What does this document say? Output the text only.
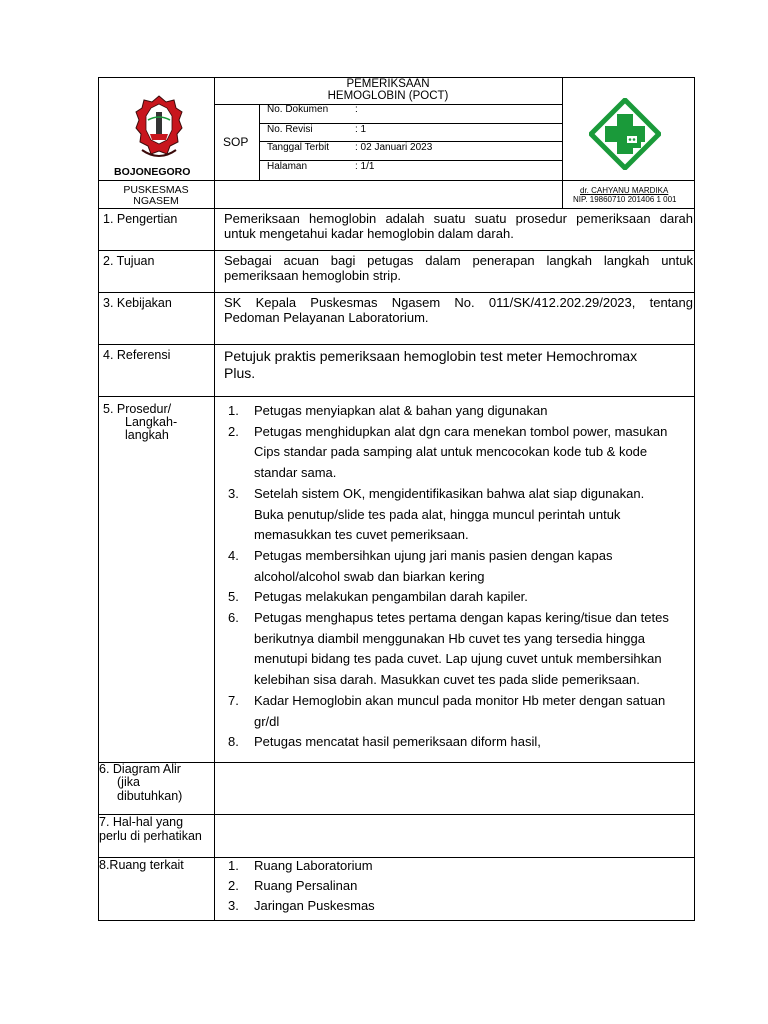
BOJONEGORO
PEMERIKSAAN
HEMOGLOBIN (POCT)
SOP
No. Dokumen	:
No. Revisi	: 1
Tanggal Terbit	: 02 Januari 2023
Halaman	: 1/1
PUSKESMAS
NGASEM
dr. CAHYANU MARDIKA
NIP. 19860710 201406 1 001
1. Pengertian	Pemeriksaan hemoglobin adalah suatu suatu prosedur pemeriksaan darah
untuk mengetahui kadar hemoglobin dalam darah.
2. Tujuan	Sebagai acuan bagi petugas dalam penerapan langkah langkah untuk
pemeriksaan hemoglobin strip.
3. Kebijakan	SK Kepala Puskesmas Ngasem No. 011/SK/412.202.29/2023, tentang
Pedoman Pelayanan Laboratorium.
4. Referensi	Petujuk praktis pemeriksaan hemoglobin test meter Hemochromax
Plus.
5. Prosedur/
Langkah-
langkah
1. Petugas menyiapkan alat & bahan yang digunakan
2. Petugas menghidupkan alat dgn cara menekan tombol power, masukan
Cips standar pada samping alat untuk mencocokan kode tub & kode
standar sama.
3. Setelah sistem OK, mengidentifikasikan bahwa alat siap digunakan.
Buka penutup/slide tes pada alat, hingga muncul perintah untuk
memasukkan tes cuvet pemeriksaan.
4. Petugas membersihkan ujung jari manis pasien dengan kapas
alcohol/alcohol swab dan biarkan kering
5. Petugas melakukan pengambilan darah kapiler.
6. Petugas menghapus tetes pertama dengan kapas kering/tisue dan tetes
berikutnya diambil menggunakan Hb cuvet tes yang tersedia hingga
menutupi bidang tes pada cuvet. Lap ujung cuvet untuk membersihkan
kelebihan sisa darah. Masukkan cuvet tes pada slide pemeriksaan.
7. Kadar Hemoglobin akan muncul pada monitor Hb meter dengan satuan
gr/dl
8. Petugas mencatat hasil pemeriksaan diform hasil,
6. Diagram Alir
(jika
dibutuhkan)
7. Hal-hal yang
perlu di perhatikan
8.Ruang terkait	1. Ruang Laboratorium
2. Ruang Persalinan
3. Jaringan Puskesmas
